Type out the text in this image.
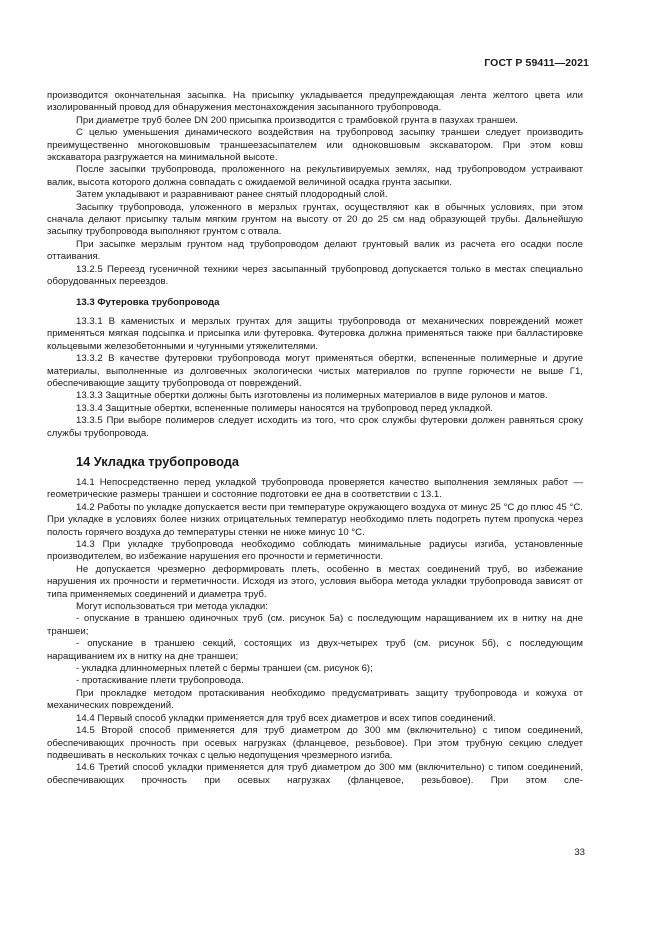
ГОСТ Р 59411—2021

производится окончательная засыпка. На присыпку укладывается предупреждающая лента желтого цвета или изолированный провод для обнаружения местонахождения засыпанного трубопровода.

При диаметре труб более DN 200 присыпка производится с трамбовкой грунта в пазухах траншеи.

С целью уменьшения динамического воздействия на трубопровод засыпку траншеи следует производить преимущественно многоковшовым траншеезасыпателем или одноковшовым экскаватором. При этом ковш экскаватора разгружается на минимальной высоте.

После засыпки трубопровода, проложенного на рекультивируемых землях, над трубопроводом устраивают валик, высота которого должна совпадать с ожидаемой величиной осадка грунта засыпки.

Затем укладывают и разравнивают ранее снятый плодородный слой.

Засыпку трубопровода, уложенного в мерзлых грунтах, осуществляют как в обычных условиях, при этом сначала делают присыпку талым мягким грунтом на высоту от 20 до 25 см над образующей трубы. Дальнейшую засыпку трубопровода выполняют грунтом с отвала.

При засыпке мерзлым грунтом над трубопроводом делают грунтовый валик из расчета его осадки после оттаивания.

13.2.5 Переезд гусеничной техники через засыпанный трубопровод допускается только в местах специально оборудованных переездов.

13.3 Футеровка трубопровода

13.3.1 В каменистых и мерзлых грунтах для защиты трубопровода от механических повреждений может применяться мягкая подсыпка и присыпка или футеровка. Футеровка должна применяться также при балластировке кольцевыми железобетонными и чугунными утяжелителями.

13.3.2 В качестве футеровки трубопровода могут применяться обертки, вспененные полимерные и другие материалы, выполненные из долговечных экологически чистых материалов по группе горючести не выше Г1, обеспечивающие защиту трубопровода от повреждений.

13.3.3 Защитные обертки должны быть изготовлены из полимерных материалов в виде рулонов и матов.

13.3.4 Защитные обертки, вспененные полимеры наносятся на трубопровод перед укладкой.

13.3.5 При выборе полимеров следует исходить из того, что срок службы футеровки должен равняться сроку службы трубопровода.

14 Укладка трубопровода

14.1 Непосредственно перед укладкой трубопровода проверяется качество выполнения земляных работ — геометрические размеры траншеи и состояние подготовки ее дна в соответствии с 13.1.

14.2 Работы по укладке допускается вести при температуре окружающего воздуха от минус 25 °С до плюс 45 °С. При укладке в условиях более низких отрицательных температур необходимо плеть подогреть путем пропуска через полость горячего воздуха до температуры стенки не ниже минус 10 °С.

14.3 При укладке трубопровода необходимо соблюдать минимальные радиусы изгиба, установленные производителем, во избежание нарушения его прочности и герметичности.

Не допускается чрезмерно деформировать плеть, особенно в местах соединений труб, во избежание нарушения их прочности и герметичности. Исходя из этого, условия выбора метода укладки трубопровода зависят от типа применяемых соединений и диаметра труб.

Могут использоваться три метода укладки:

- опускание в траншею одиночных труб (см. рисунок 5а) с последующим наращиванием их в нитку на дне траншеи;

- опускание в траншею секций, состоящих из двух-четырех труб (см. рисунок 5б), с последующим наращиванием их в нитку на дне траншеи;

- укладка длинномерных плетей с бермы траншеи (см. рисунок 6);

- протаскивание плети трубопровода.

При прокладке методом протаскивания необходимо предусматривать защиту трубопровода и кожуха от механических повреждений.

14.4 Первый способ укладки применяется для труб всех диаметров и всех типов соединений.

14.5 Второй способ применяется для труб диаметром до 300 мм (включительно) с типом соединений, обеспечивающих прочность при осевых нагрузках (фланцевое, резьбовое). При этом трубную секцию следует подвешивать в нескольких точках с целью недопущения чрезмерного изгиба.

14.6 Третий способ укладки применяется для труб диаметром до 300 мм (включительно) с типом соединений, обеспечивающих прочность при осевых нагрузках (фланцевое, резьбовое). При этом сле-

33
